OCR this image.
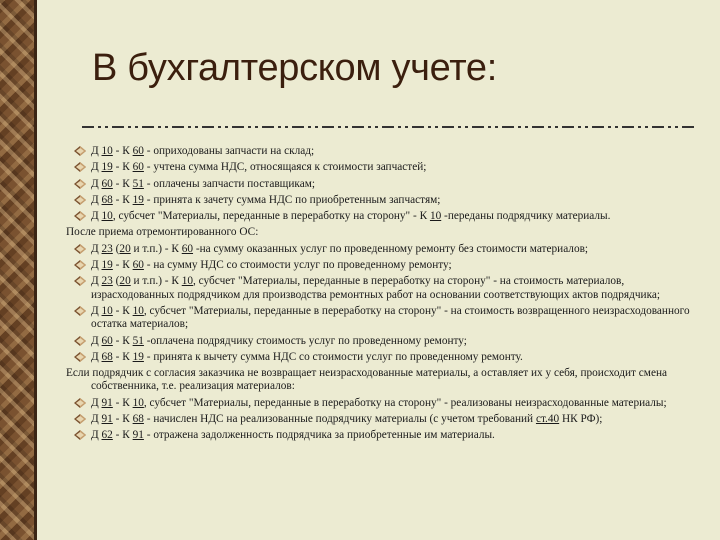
В бухгалтерском учете:
Д 10 - К 60 - оприходованы запчасти на склад;
Д 19 - К 60 - учтена сумма НДС, относящаяся к стоимости запчастей;
Д 60 - К 51 - оплачены запчасти поставщикам;
Д 68 - К 19 - принята к зачету сумма НДС по приобретенным запчастям;
Д 10, субсчет "Материалы, переданные в переработку на сторону" - К 10 -переданы подрядчику материалы.
После приема отремонтированного ОС:
Д 23 (20 и т.п.) - К 60 -на сумму оказанных услуг по проведенному ремонту без стоимости материалов;
Д 19 - К 60 - на сумму НДС со стоимости услуг по проведенному ремонту;
Д 23 (20 и т.п.) - К 10, субсчет "Материалы, переданные в переработку на сторону" - на стоимость материалов, израсходованных подрядчиком для производства ремонтных работ на основании соответствующих актов подрядчика;
Д 10 - К 10, субсчет "Материалы, переданные в переработку на сторону" - на стоимость возвращенного неизрасходованного остатка материалов;
Д 60 - К 51 -оплачена подрядчику стоимость услуг по проведенному ремонту;
Д 68 - К 19 - принята к вычету сумма НДС со стоимости услуг по проведенному ремонту.
Если подрядчик с согласия заказчика не возвращает неизрасходованные материалы, а оставляет их у себя, происходит смена собственника, т.е. реализация материалов:
Д 91 - К 10, субсчет "Материалы, переданные в переработку на сторону" - реализованы неизрасходованные материалы;
Д 91 - К 68 - начислен НДС на реализованные подрядчику материалы (с учетом требований ст.40 НК РФ);
Д 62 - К 91 - отражена задолженность подрядчика за приобретенные им материалы.
